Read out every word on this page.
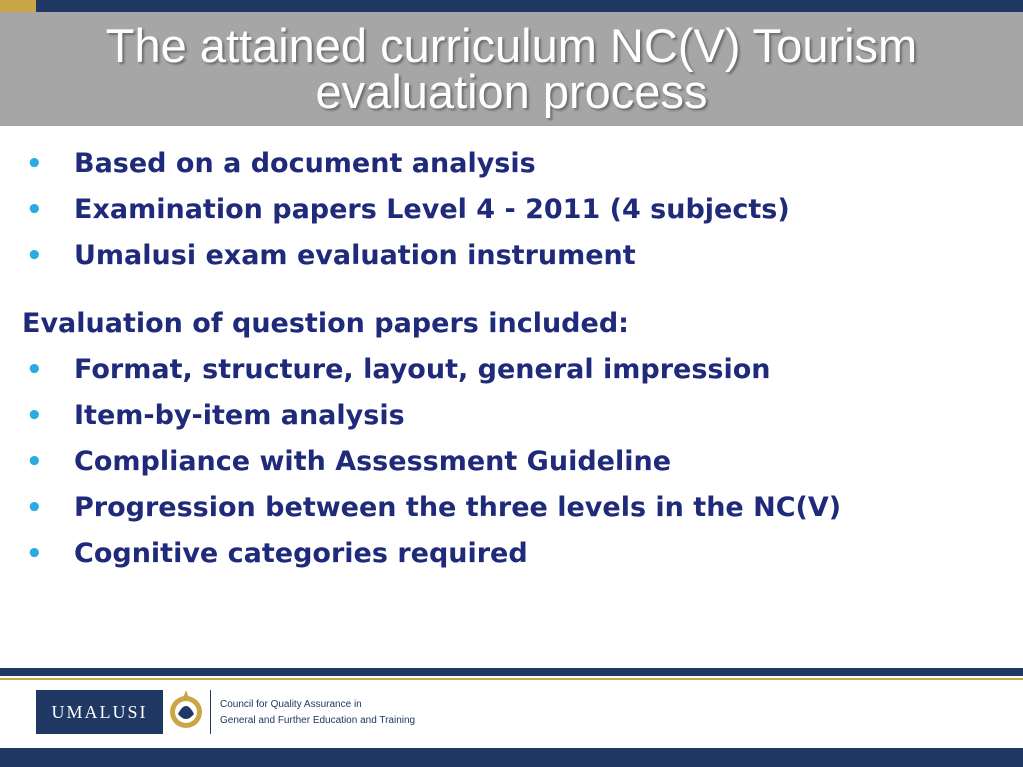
The attained curriculum NC(V) Tourism
evaluation process
• Based on a document analysis
• Examination papers Level 4 - 2011 (4 subjects)
• Umalusi exam evaluation instrument
Evaluation of question papers included:
• Format, structure, layout, general impression
• Item-by-item analysis
• Compliance with Assessment Guideline
• Progression between the three levels in the NC(V)
• Cognitive categories required
UMALUSI	Council for Quality Assurance in
General and Further Education and Training
